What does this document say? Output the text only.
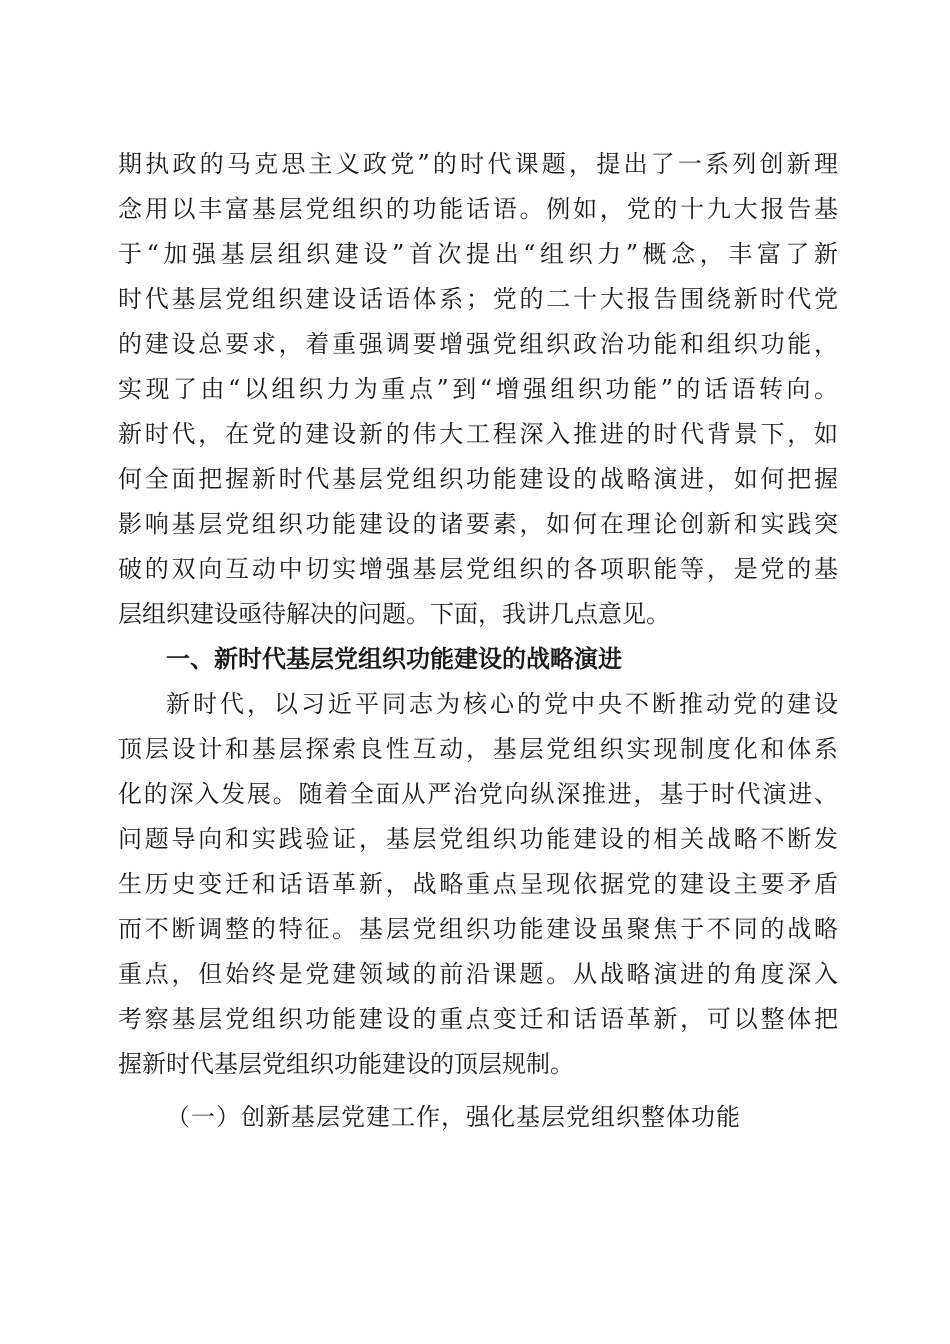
期执政的马克思主义政党”的时代课题，提出了一系列创新理
念用以丰富基层党组织的功能话语。例如，党的十九大报告基
于“加强基层组织建设”首次提出“组织力”概念，丰富了新
时代基层党组织建设话语体系；党的二十大报告围绕新时代党
的建设总要求，着重强调要增强党组织政治功能和组织功能，
实现了由“以组织力为重点”到“增强组织功能”的话语转向。
新时代，在党的建设新的伟大工程深入推进的时代背景下，如
何全面把握新时代基层党组织功能建设的战略演进，如何把握
影响基层党组织功能建设的诸要素，如何在理论创新和实践突
破的双向互动中切实增强基层党组织的各项职能等，是党的基
层组织建设亟待解决的问题。下面，我讲几点意见。
一、新时代基层党组织功能建设的战略演进
新时代，以习近平同志为核心的党中央不断推动党的建设
顶层设计和基层探索良性互动，基层党组织实现制度化和体系
化的深入发展。随着全面从严治党向纵深推进，基于时代演进、
问题导向和实践验证，基层党组织功能建设的相关战略不断发
生历史变迁和话语革新，战略重点呈现依据党的建设主要矛盾
而不断调整的特征。基层党组织功能建设虽聚焦于不同的战略
重点，但始终是党建领域的前沿课题。从战略演进的角度深入
考察基层党组织功能建设的重点变迁和话语革新，可以整体把
握新时代基层党组织功能建设的顶层规制。
（一）创新基层党建工作，强化基层党组织整体功能
